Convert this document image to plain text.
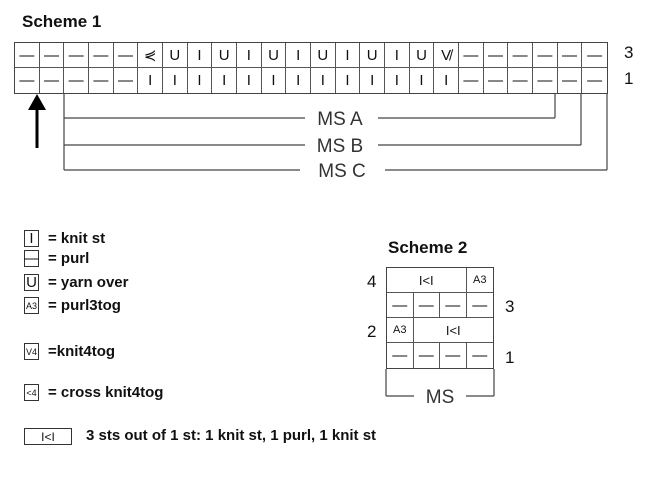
Scheme 1
— — — — — ⋞ U	I	U	I	U	I	U	I	U	I	U V̸ — — — — — —
— — — — —	I	I	I	I	I	I	I	I	I	I	I	I	I	— — — — — —
3
1
MS A
MS B
MS C
I = knit st
— = purl
U = yarn over
A3 = purl3tog
V4 =knit4tog
<4 = cross knit4tog
I<I	3 sts out of 1 st: 1 knit st, 1 purl, 1 knit st
Scheme 2
I<I	A3
— — — —
A3	I<I
— — — —
4
2
3
1
MS
